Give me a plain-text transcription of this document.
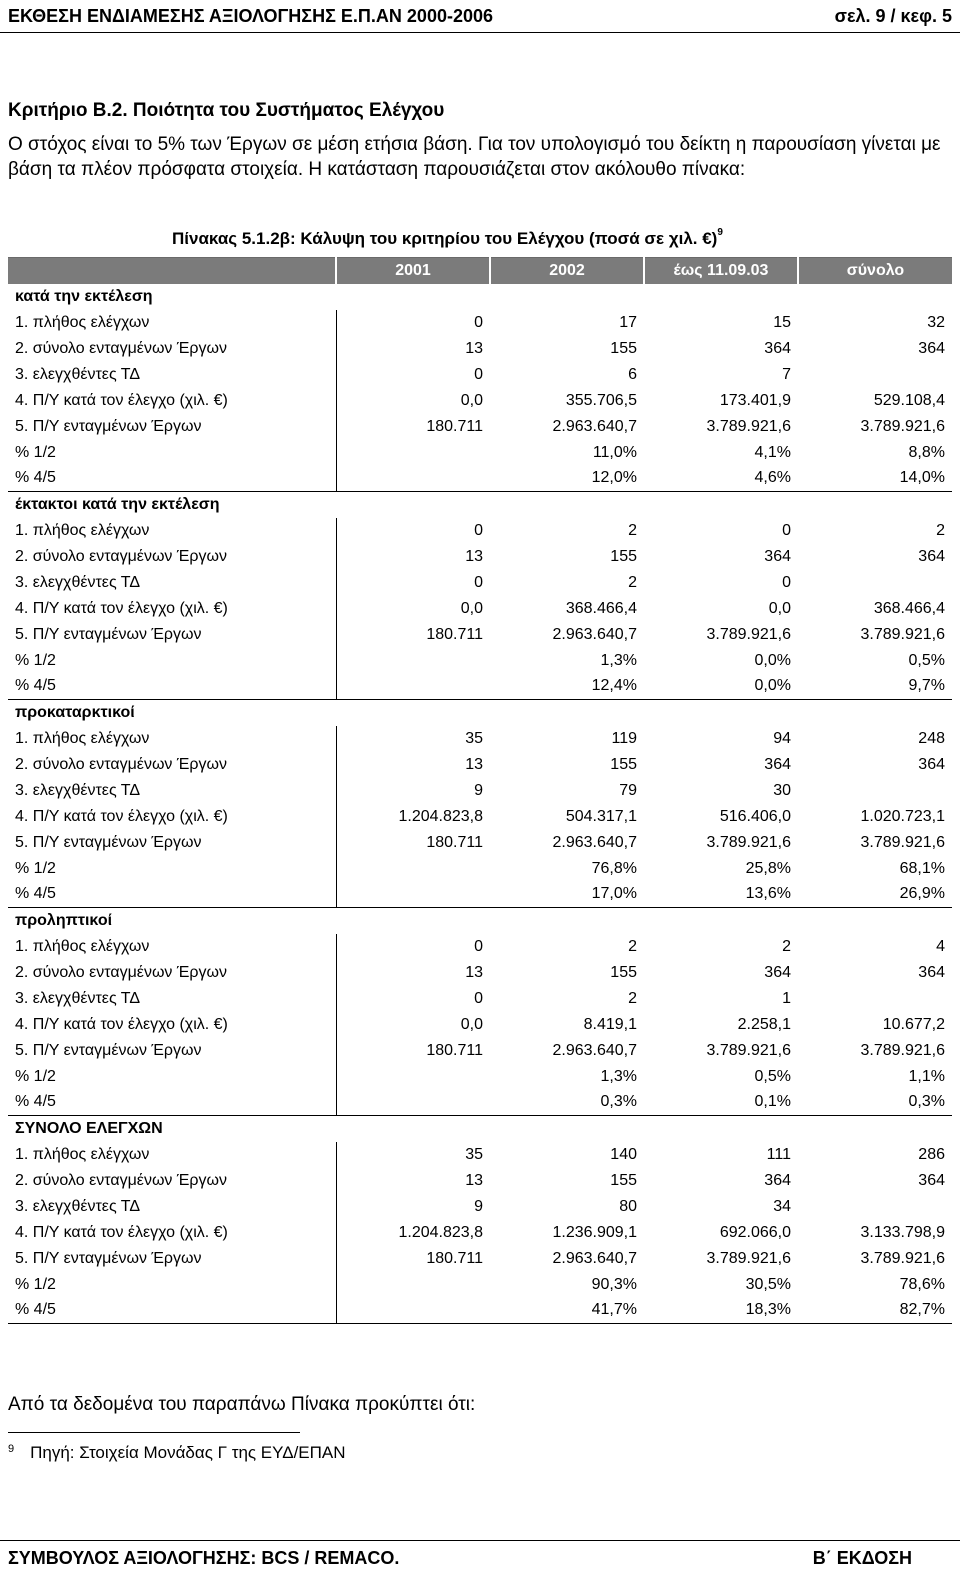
ΕΚΘΕΣΗ ΕΝΔΙΑΜΕΣΗΣ ΑΞΙΟΛΟΓΗΣΗΣ Ε.Π.ΑΝ 2000-2006	σελ. 9 / κεφ. 5
Κριτήριο Β.2. Ποιότητα του Συστήματος Ελέγχου

Ο στόχος είναι το 5% των Έργων σε μέση ετήσια βάση. Για τον υπολογισμό του δείκτη η παρουσίαση γίνεται με βάση τα πλέον πρόσφατα στοιχεία. Η κατάσταση παρουσιάζεται στον ακόλουθο πίνακα:

Πίνακας 5.1.2β: Κάλυψη του κριτηρίου του Ελέγχου (ποσά σε χιλ. €)$^9$
	2001	2002	έως 11.09.03	σύνολο
κατά την εκτέλεση				
1. πλήθος ελέγχων	0	17	15	32
2. σύνολο ενταγμένων Έργων	13	155	364	364
3. ελεγχθέντες ΤΔ	0	6	7	
4. Π/Υ κατά τον έλεγχο (χιλ. €)	0,0	355.706,5	173.401,9	529.108,4
5. Π/Υ ενταγμένων Έργων	180.711	2.963.640,7	3.789.921,6	3.789.921,6
% 1/2		11,0%	4,1%	8,8%
% 4/5		12,0%	4,6%	14,0%
έκτακτοι κατά την εκτέλεση				
1. πλήθος ελέγχων	0	2	0	2
2. σύνολο ενταγμένων Έργων	13	155	364	364
3. ελεγχθέντες ΤΔ	0	2	0	
4. Π/Υ κατά τον έλεγχο (χιλ. €)	0,0	368.466,4	0,0	368.466,4
5. Π/Υ ενταγμένων Έργων	180.711	2.963.640,7	3.789.921,6	3.789.921,6
% 1/2		1,3%	0,0%	0,5%
% 4/5		12,4%	0,0%	9,7%
προκαταρκτικοί				
1. πλήθος ελέγχων	35	119	94	248
2. σύνολο ενταγμένων Έργων	13	155	364	364
3. ελεγχθέντες ΤΔ	9	79	30	
4. Π/Υ κατά τον έλεγχο (χιλ. €)	1.204.823,8	504.317,1	516.406,0	1.020.723,1
5. Π/Υ ενταγμένων Έργων	180.711	2.963.640,7	3.789.921,6	3.789.921,6
% 1/2		76,8%	25,8%	68,1%
% 4/5		17,0%	13,6%	26,9%
προληπτικοί				
1. πλήθος ελέγχων	0	2	2	4
2. σύνολο ενταγμένων Έργων	13	155	364	364
3. ελεγχθέντες ΤΔ	0	2	1	
4. Π/Υ κατά τον έλεγχο (χιλ. €)	0,0	8.419,1	2.258,1	10.677,2
5. Π/Υ ενταγμένων Έργων	180.711	2.963.640,7	3.789.921,6	3.789.921,6
% 1/2		1,3%	0,5%	1,1%
% 4/5		0,3%	0,1%	0,3%
ΣΥΝΟΛΟ ΕΛΕΓΧΩΝ				
1. πλήθος ελέγχων	35	140	111	286
2. σύνολο ενταγμένων Έργων	13	155	364	364
3. ελεγχθέντες ΤΔ	9	80	34	
4. Π/Υ κατά τον έλεγχο (χιλ. €)	1.204.823,8	1.236.909,1	692.066,0	3.133.798,9
5. Π/Υ ενταγμένων Έργων	180.711	2.963.640,7	3.789.921,6	3.789.921,6
% 1/2		90,3%	30,5%	78,6%
% 4/5		41,7%	18,3%	82,7%
Από τα δεδομένα του παραπάνω Πίνακα προκύπτει ότι:
$^9$ Πηγή: Στοιχεία Μονάδας Γ της ΕΥΔ/ΕΠΑΝ
ΣΥΜΒΟΥΛΟΣ ΑΞΙΟΛΟΓΗΣΗΣ: BCS / REMACO.	Β΄ ΕΚΔΟΣΗ
